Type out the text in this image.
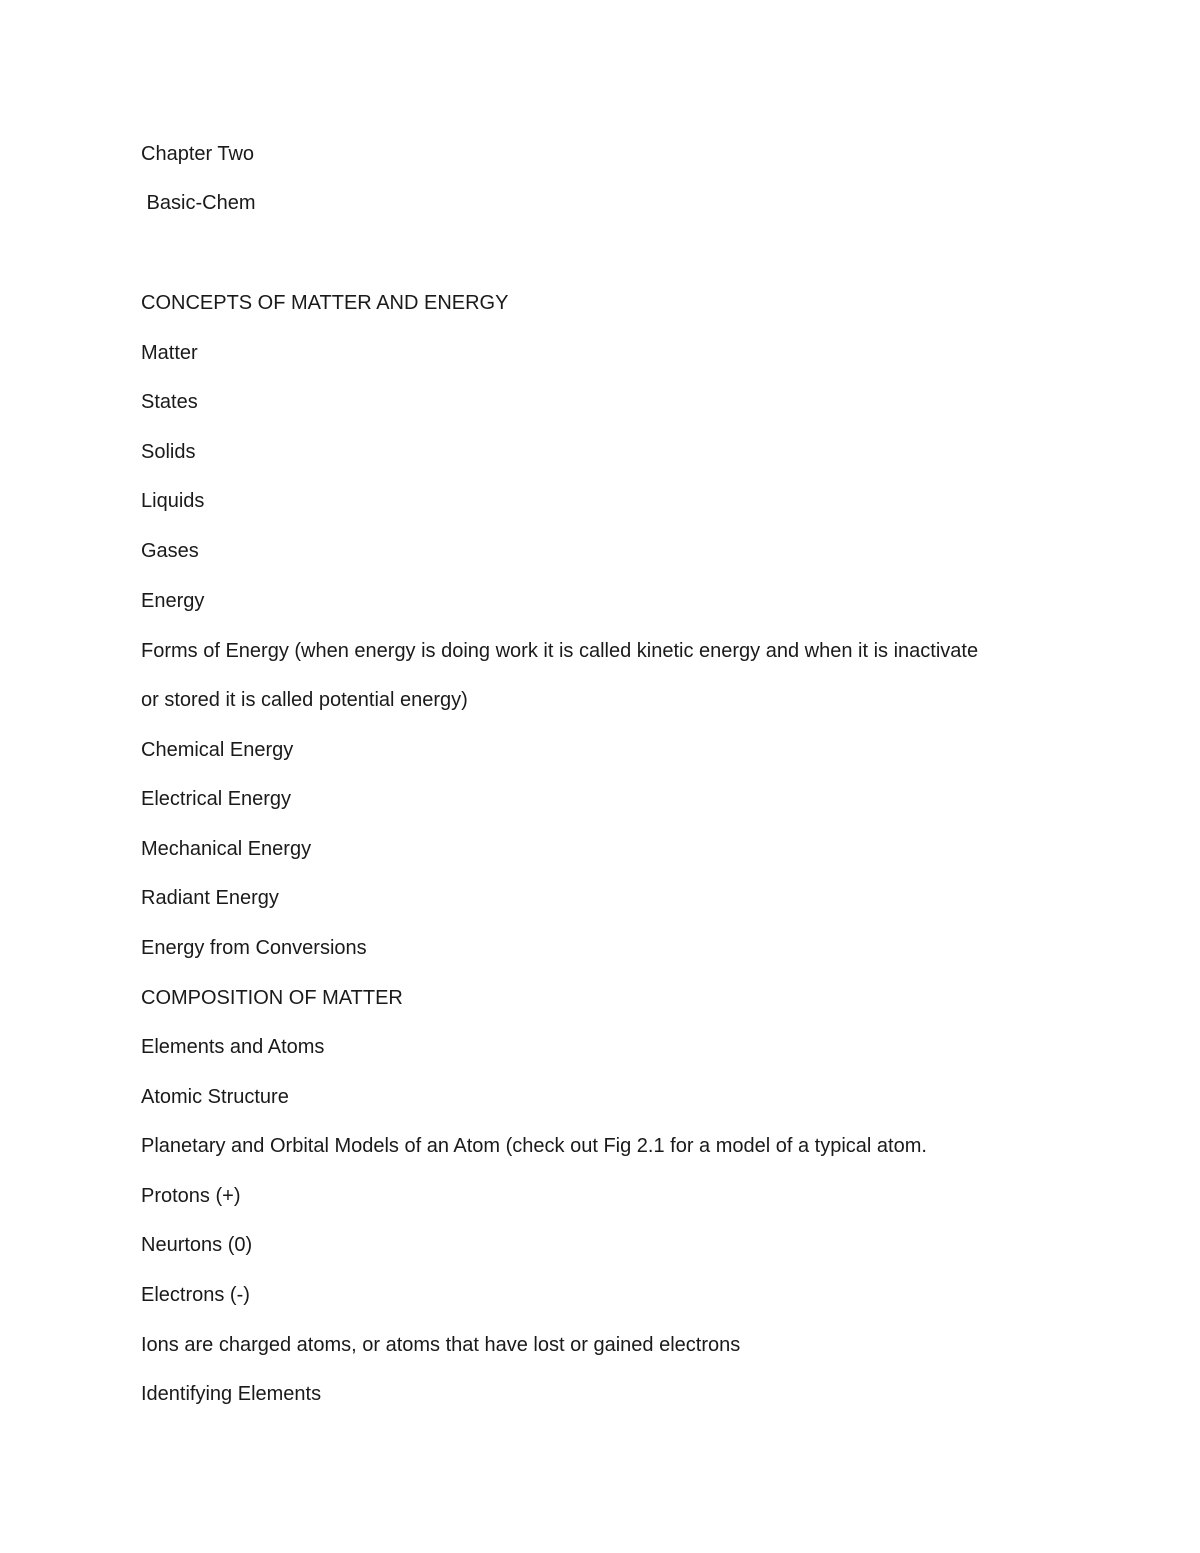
Chapter Two

Basic-Chem

CONCEPTS OF MATTER AND ENERGY

Matter

States

Solids

Liquids

Gases

Energy

Forms of Energy (when energy is doing work it is called kinetic energy and when it is inactivate

or stored it is called potential energy)

Chemical Energy

Electrical Energy

Mechanical Energy

Radiant Energy

Energy from Conversions

COMPOSITION OF MATTER

Elements and Atoms

Atomic Structure

Planetary and Orbital Models of an Atom (check out Fig 2.1 for a model of a typical atom.

Protons (+)

Neurtons (0)

Electrons (-)

Ions are charged atoms, or atoms that have lost or gained electrons

Identifying Elements
